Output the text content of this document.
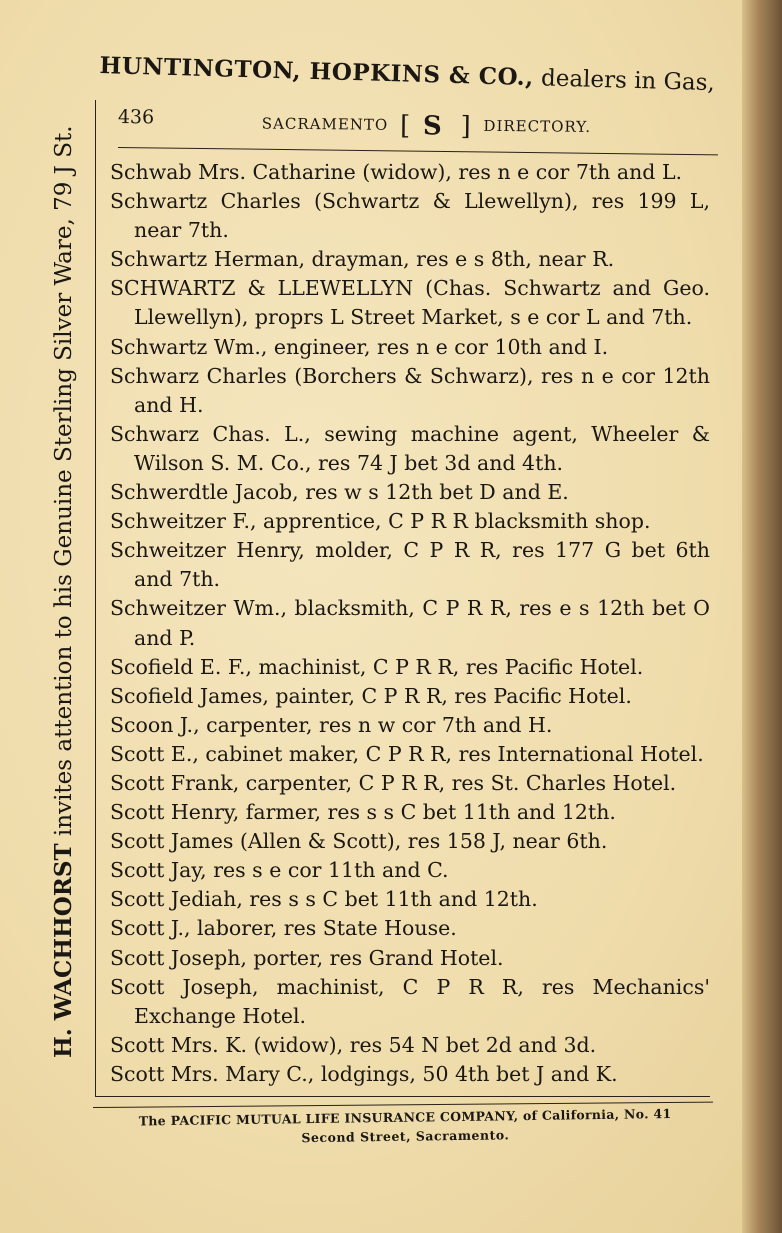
HUNTINGTON, HOPKINS & CO., dealers in Gas,
H. WACHHORST invites attention to his Genuine Sterling Silver Ware, 79 J St.
436	SACRAMENTO [ S ] DIRECTORY.
Schwab Mrs. Catharine (widow), res n e cor 7th and L.
Schwartz Charles (Schwartz & Llewellyn), res 199 L, near 7th.
Schwartz Herman, drayman, res e s 8th, near R.
SCHWARTZ & LLEWELLYN (Chas. Schwartz and Geo. Llewellyn), proprs L Street Market, s e cor L and 7th.
Schwartz Wm., engineer, res n e cor 10th and I.
Schwarz Charles (Borchers & Schwarz), res n e cor 12th and H.
Schwarz Chas. L., sewing machine agent, Wheeler & Wilson S. M. Co., res 74 J bet 3d and 4th.
Schwerdtle Jacob, res w s 12th bet D and E.
Schweitzer F., apprentice, C P R R blacksmith shop.
Schweitzer Henry, molder, C P R R, res 177 G bet 6th and 7th.
Schweitzer Wm., blacksmith, C P R R, res e s 12th bet O and P.
Scofield E. F., machinist, C P R R, res Pacific Hotel.
Scofield James, painter, C P R R, res Pacific Hotel.
Scoon J., carpenter, res n w cor 7th and H.
Scott E., cabinet maker, C P R R, res International Hotel.
Scott Frank, carpenter, C P R R, res St. Charles Hotel.
Scott Henry, farmer, res s s C bet 11th and 12th.
Scott James (Allen & Scott), res 158 J, near 6th.
Scott Jay, res s e cor 11th and C.
Scott Jediah, res s s C bet 11th and 12th.
Scott J., laborer, res State House.
Scott Joseph, porter, res Grand Hotel.
Scott Joseph, machinist, C P R R, res Mechanics' Exchange Hotel.
Scott Mrs. K. (widow), res 54 N bet 2d and 3d.
Scott Mrs. Mary C., lodgings, 50 4th bet J and K.
The PACIFIC MUTUAL LIFE INSURANCE COMPANY, of California, No. 41
Second Street, Sacramento.
